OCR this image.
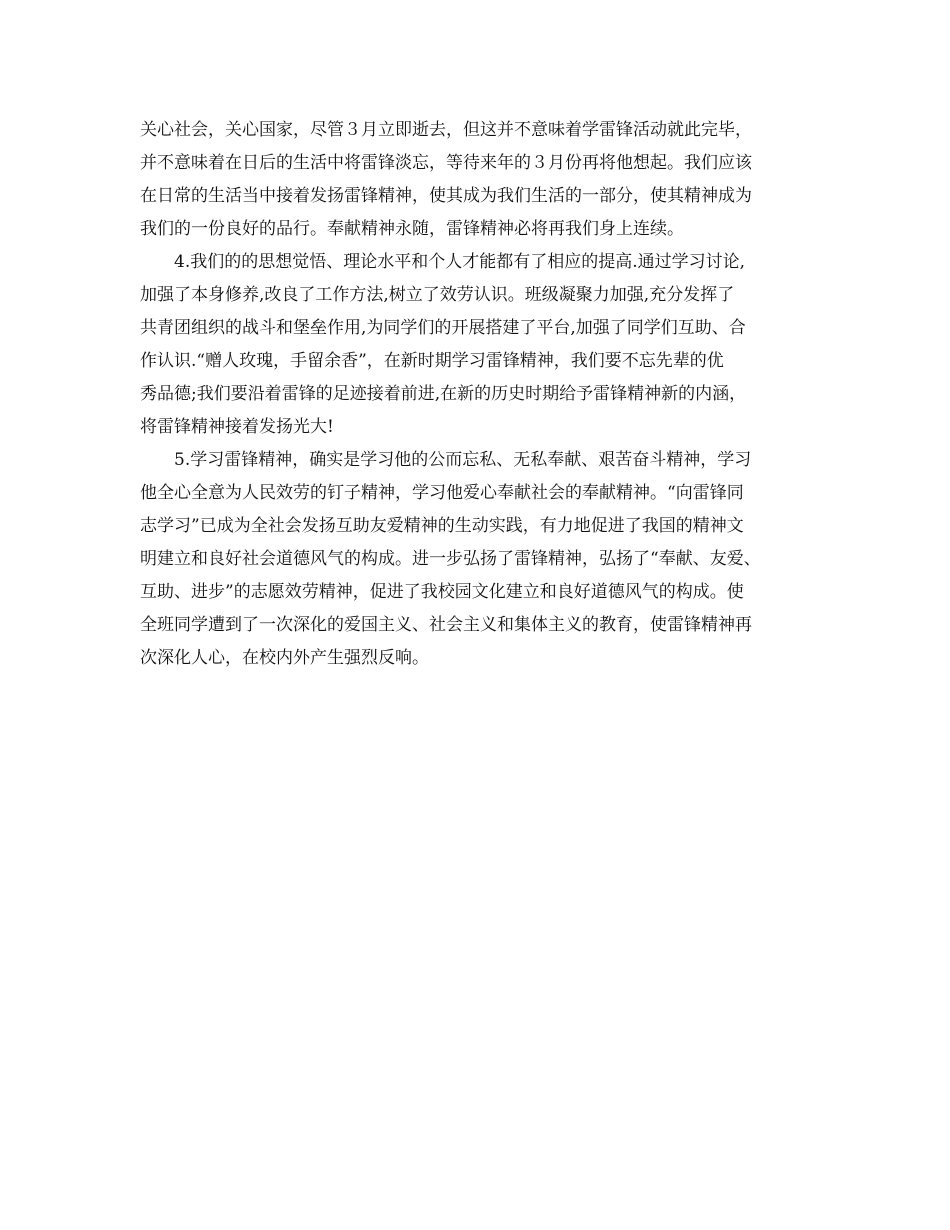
关心社会，关心国家，尽管３月立即逝去，但这并不意味着学雷锋活动就此完毕，
并不意味着在日后的生活中将雷锋淡忘，等待来年的３月份再将他想起。我们应该
在日常的生活当中接着发扬雷锋精神，使其成为我们生活的一部分，使其精神成为
我们的一份良好的品行。奉献精神永随，雷锋精神必将再我们身上连续。
4.我们的的思想觉悟、理论水平和个人才能都有了相应的提高.通过学习讨论,
加强了本身修养,改良了工作方法,树立了效劳认识。班级凝聚力加强,充分发挥了
共青团组织的战斗和堡垒作用,为同学们的开展搭建了平台,加强了同学们互助、合
作认识.“赠人玫瑰，手留余香”，在新时期学习雷锋精神，我们要不忘先辈的优
秀品德;我们要沿着雷锋的足迹接着前进,在新的历史时期给予雷锋精神新的内涵，
将雷锋精神接着发扬光大!
5.学习雷锋精神，确实是学习他的公而忘私、无私奉献、艰苦奋斗精神，学习
他全心全意为人民效劳的钉子精神，学习他爱心奉献社会的奉献精神。“向雷锋同
志学习”已成为全社会发扬互助友爱精神的生动实践，有力地促进了我国的精神文
明建立和良好社会道德风气的构成。进一步弘扬了雷锋精神，弘扬了“奉献、友爱、
互助、进步”的志愿效劳精神，促进了我校园文化建立和良好道德风气的构成。使
全班同学遭到了一次深化的爱国主义、社会主义和集体主义的教育，使雷锋精神再
次深化人心，在校内外产生强烈反响。
